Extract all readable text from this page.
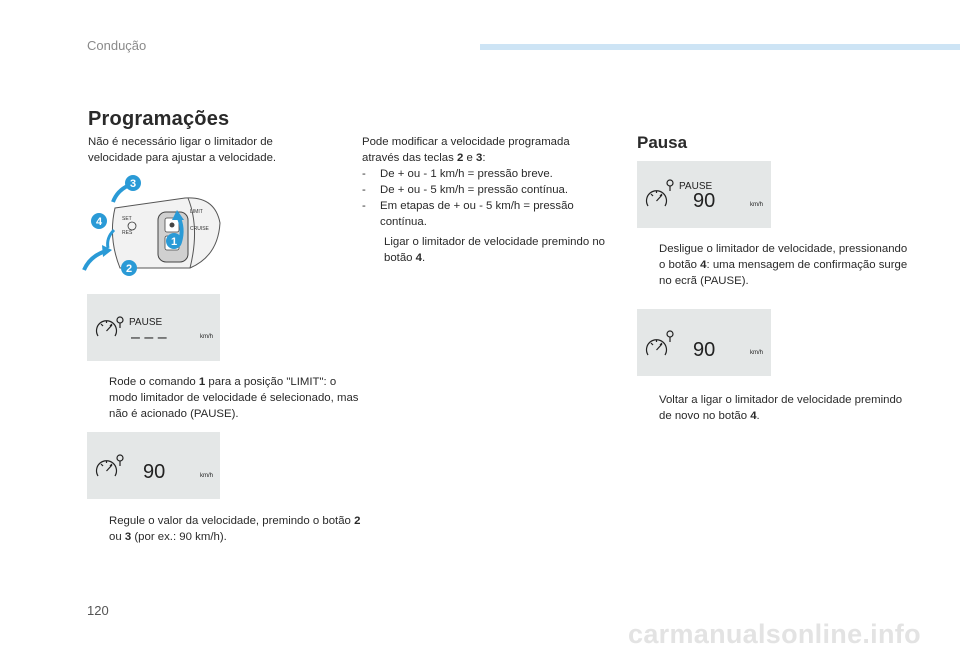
Condução
Programações
Não é necessário ligar o limitador de velocidade para ajustar a velocidade.
SET
LIMIT
CRUISE
RES
3
4
1
2
PAUSE
– – –	km/h
Rode o comando 1 para a posição "LIMIT": o modo limitador de velocidade é selecionado, mas não é acionado (PAUSE).
90	km/h
Regule o valor da velocidade, premindo o botão 2 ou 3 (por ex.: 90 km/h).
Pode modificar a velocidade programada através das teclas 2 e 3:
- De + ou - 1 km/h = pressão breve.
- De + ou - 5 km/h = pressão contínua.
- Em etapas de + ou - 5 km/h = pressão contínua.
Ligar o limitador de velocidade premindo no botão 4.
Pausa
PAUSE
90	km/h
Desligue o limitador de velocidade, pressionando o botão 4: uma mensagem de confirmação surge no ecrã (PAUSE).
90	km/h
Voltar a ligar o limitador de velocidade premindo de novo no botão 4.
120
carmanualsonline.info
